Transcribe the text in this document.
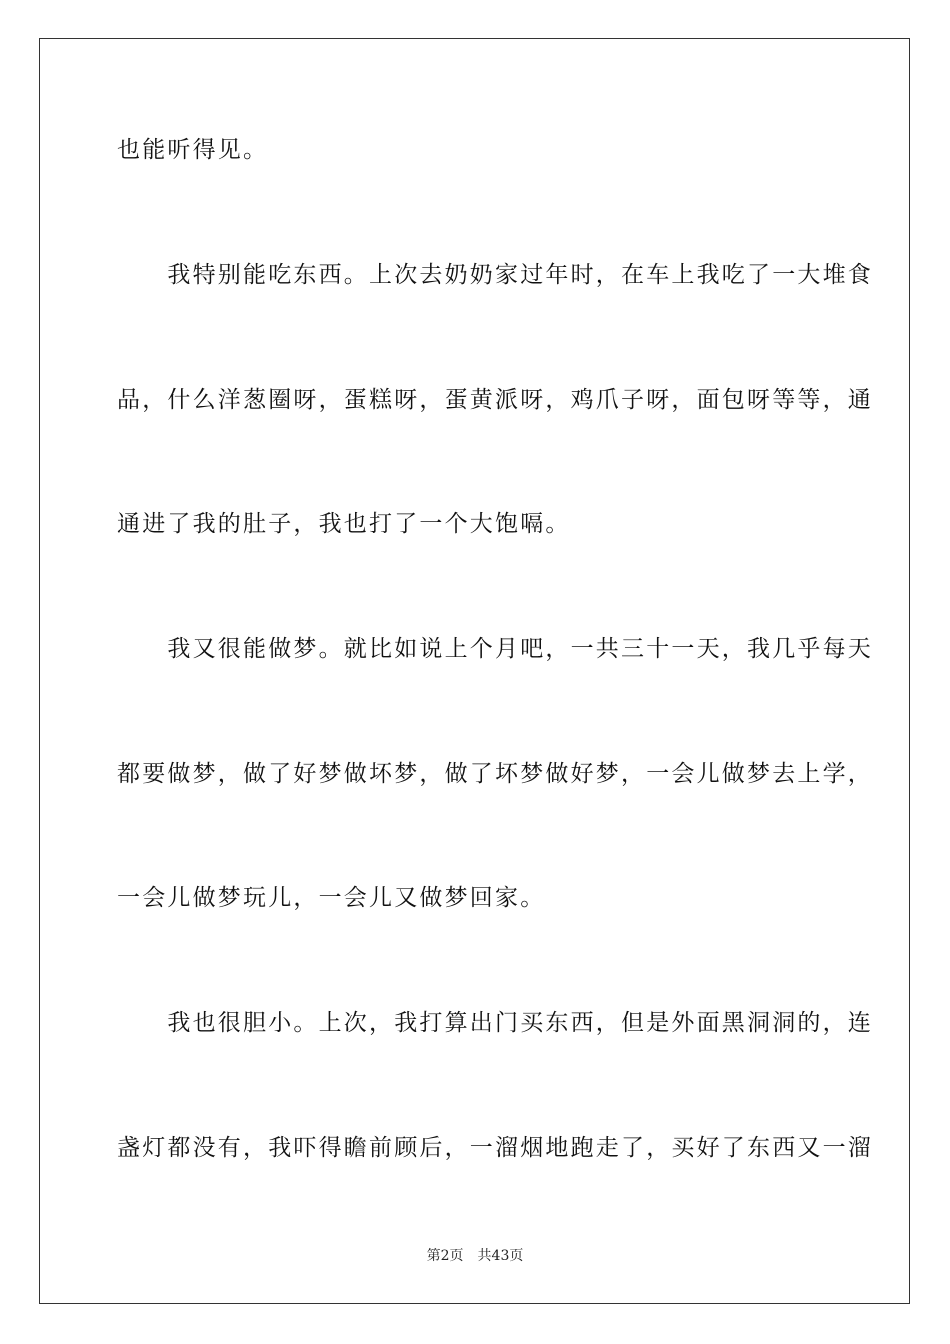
也能听得见。
　　我特别能吃东西。上次去奶奶家过年时，在车上我吃了一大堆食
品，什么洋葱圈呀，蛋糕呀，蛋黄派呀，鸡爪子呀，面包呀等等，通
通进了我的肚子，我也打了一个大饱嗝。
　　我又很能做梦。就比如说上个月吧，一共三十一天，我几乎每天
都要做梦，做了好梦做坏梦，做了坏梦做好梦，一会儿做梦去上学，
一会儿做梦玩儿，一会儿又做梦回家。
　　我也很胆小。上次，我打算出门买东西，但是外面黑洞洞的，连
盏灯都没有，我吓得瞻前顾后，一溜烟地跑走了，买好了东西又一溜
第2页 共43页
